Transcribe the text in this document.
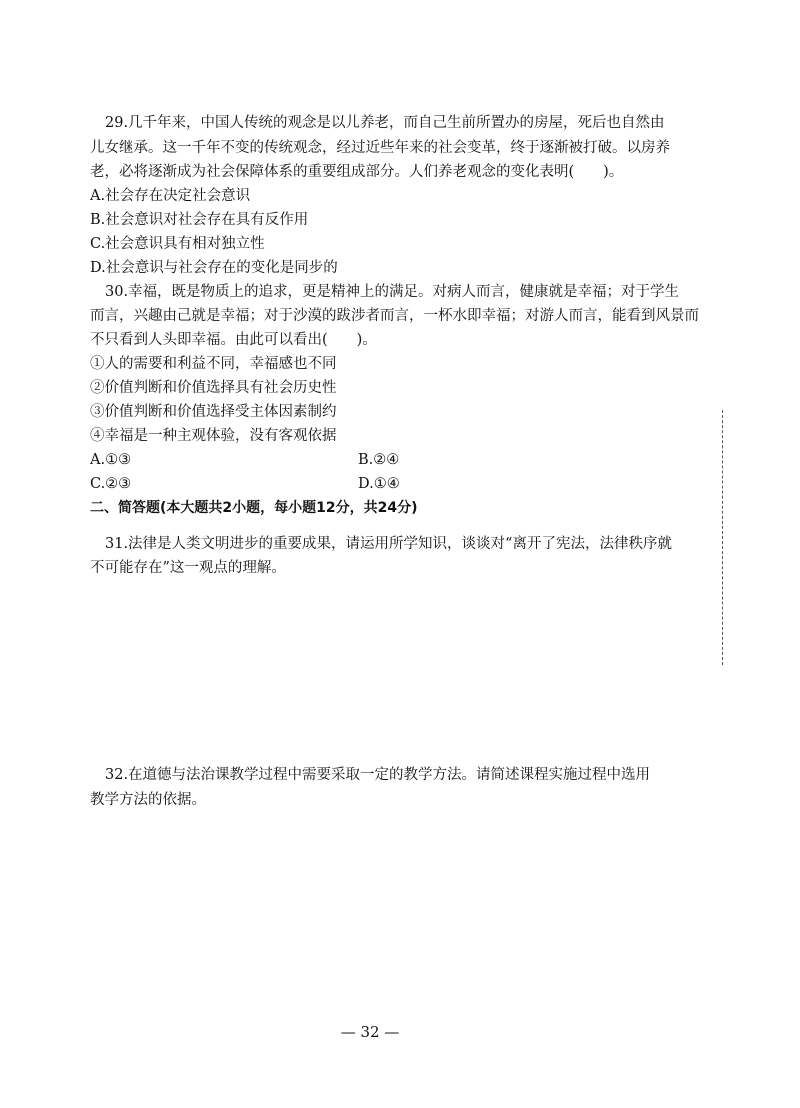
29.几千年来，中国人传统的观念是以儿养老，而自己生前所置办的房屋，死后也自然由
儿女继承。这一千年不变的传统观念，经过近些年来的社会变革，终于逐渐被打破。以房养
老，必将逐渐成为社会保障体系的重要组成部分。人们养老观念的变化表明(　　)。
A.社会存在决定社会意识
B.社会意识对社会存在具有反作用
C.社会意识具有相对独立性
D.社会意识与社会存在的变化是同步的
30.幸福，既是物质上的追求，更是精神上的满足。对病人而言，健康就是幸福；对于学生
而言，兴趣由己就是幸福；对于沙漠的跋涉者而言，一杯水即幸福；对游人而言，能看到风景而
不只看到人头即幸福。由此可以看出(　　)。
①人的需要和利益不同，幸福感也不同
②价值判断和价值选择具有社会历史性
③价值判断和价值选择受主体因素制约
④幸福是一种主观体验，没有客观依据
A.①③	B.②④
C.②③	D.①④
二、简答题(本大题共2小题，每小题12分，共24分)
31.法律是人类文明进步的重要成果，请运用所学知识，谈谈对“离开了宪法，法律秩序就
不可能存在”这一观点的理解。
32.在道德与法治课教学过程中需要采取一定的教学方法。请简述课程实施过程中选用
教学方法的依据。
— 32 —
